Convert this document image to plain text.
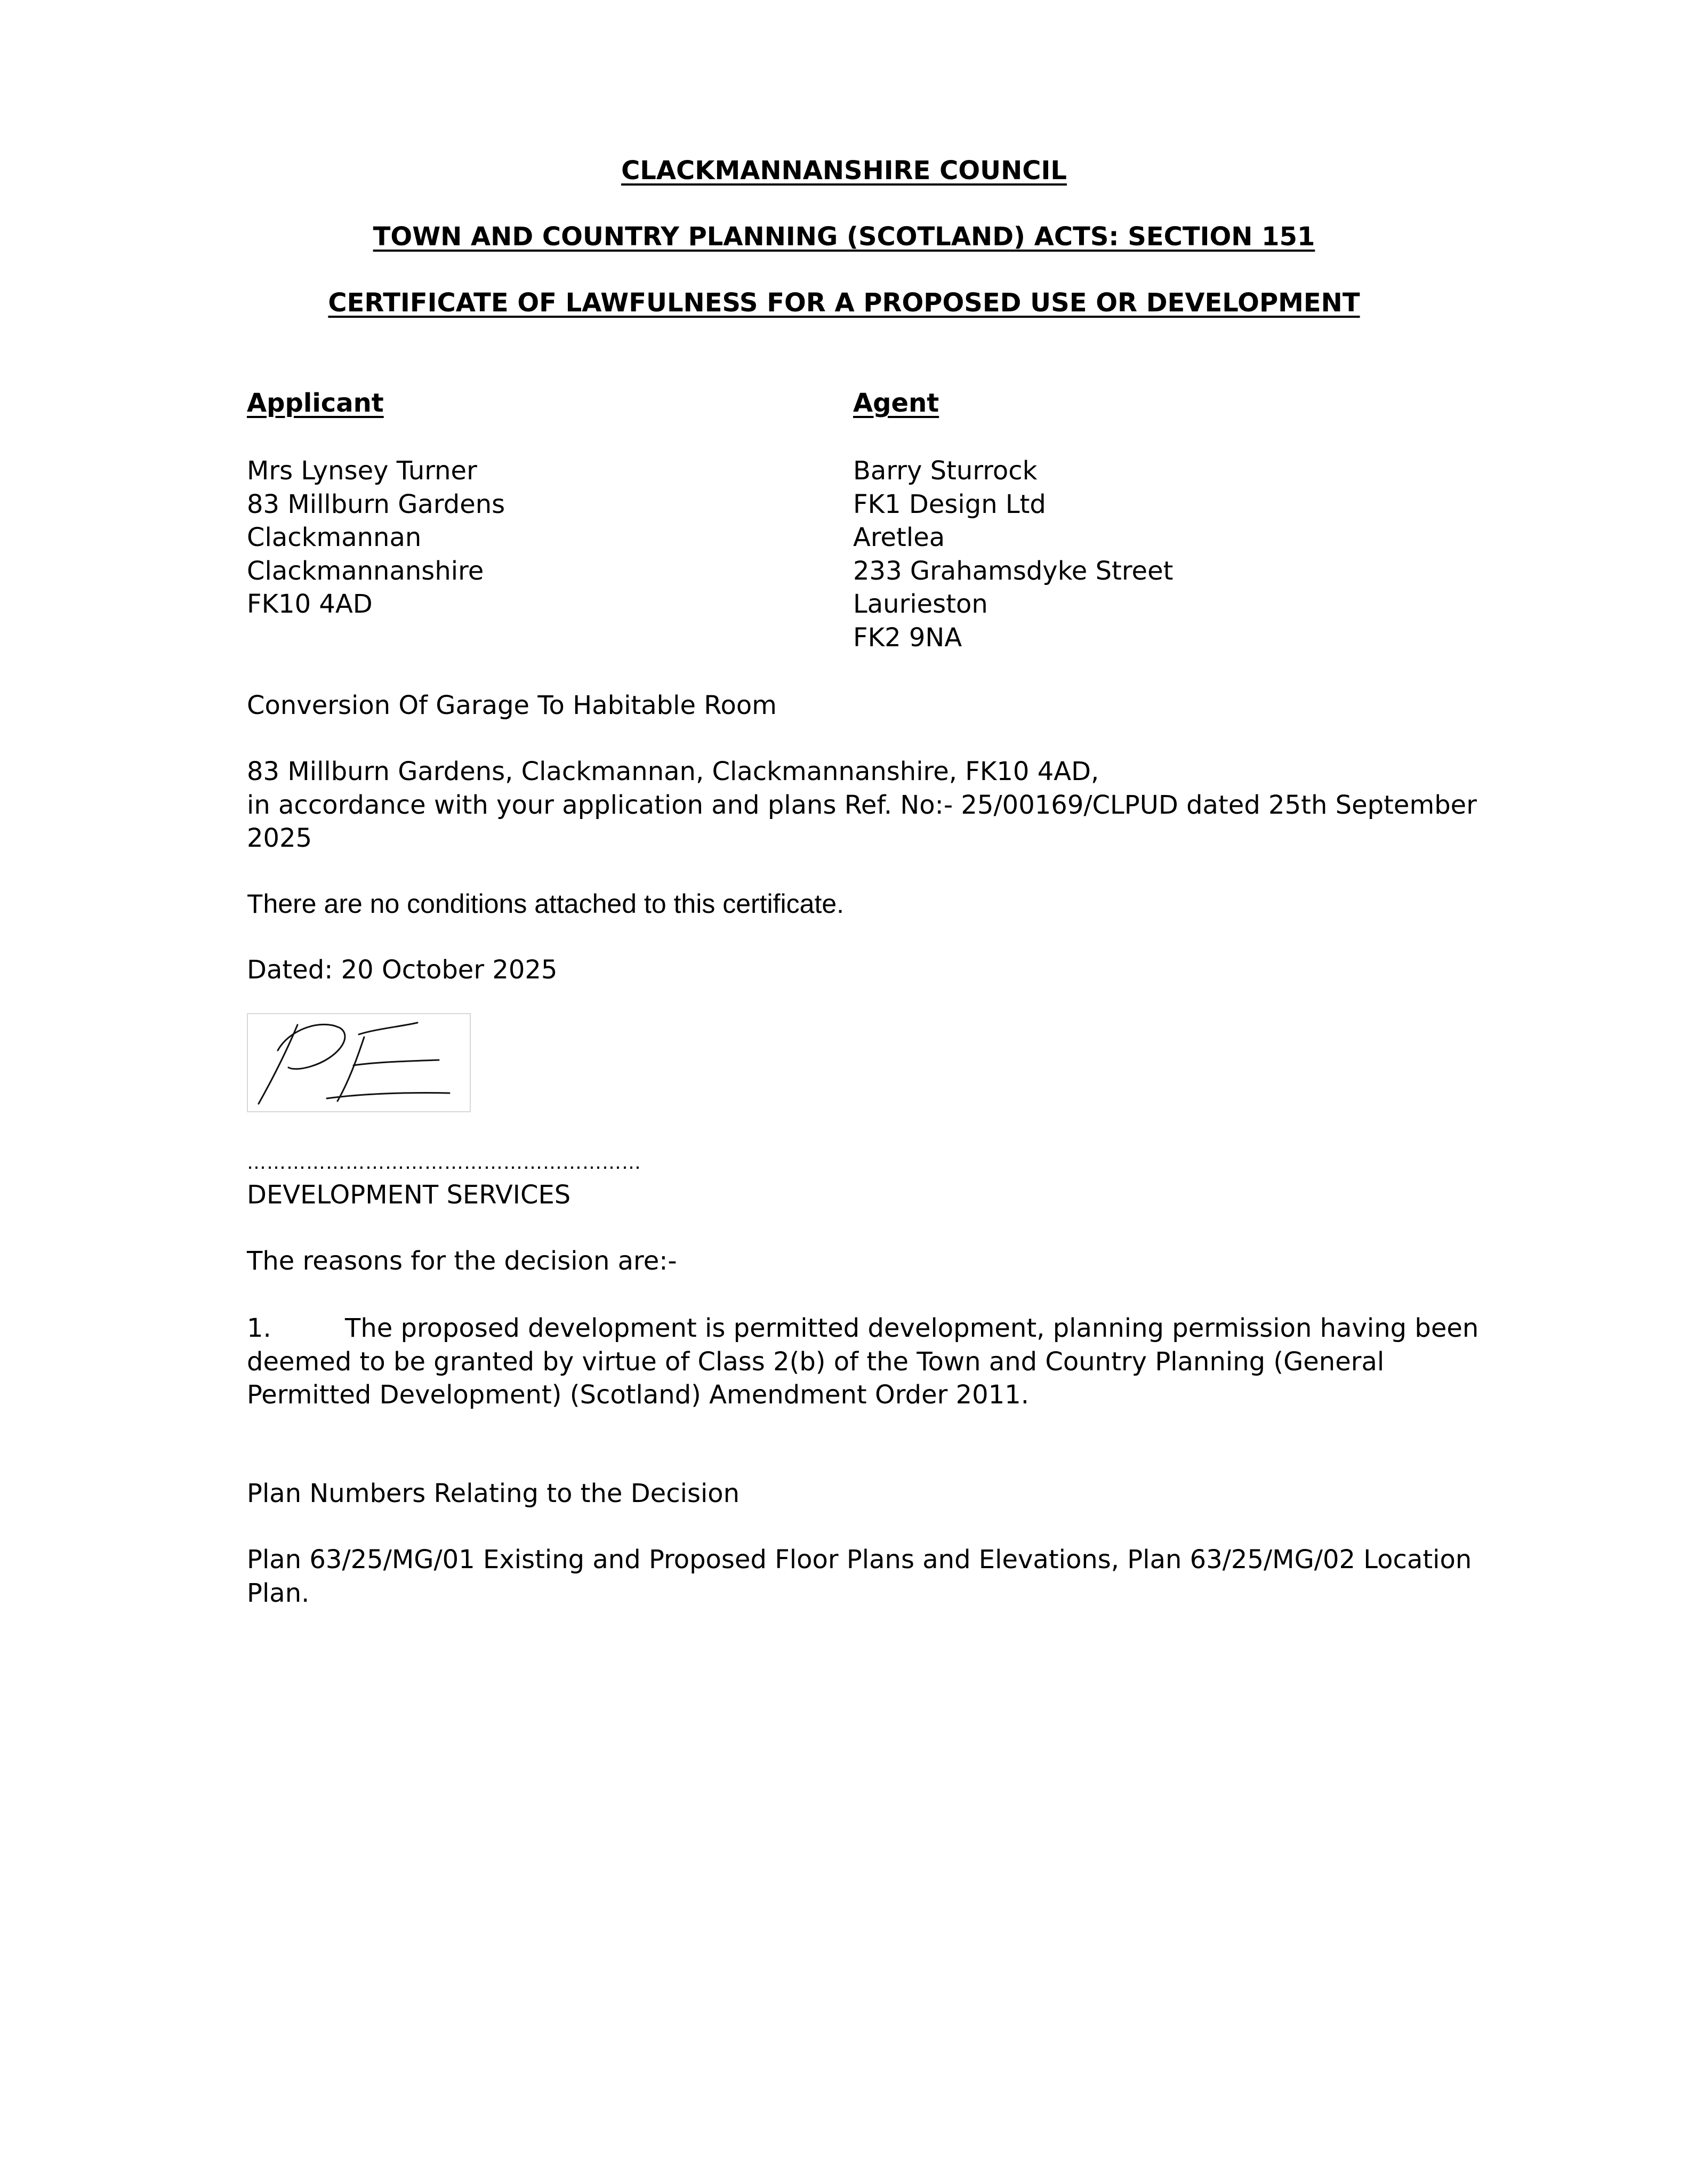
CLACKMANNANSHIRE COUNCIL
TOWN AND COUNTRY PLANNING (SCOTLAND) ACTS: SECTION 151
CERTIFICATE OF LAWFULNESS FOR A PROPOSED USE OR DEVELOPMENT
Applicant	Agent
Mrs Lynsey Turner
83 Millburn Gardens
Clackmannan
Clackmannanshire
FK10 4AD
Barry Sturrock
FK1 Design Ltd
Aretlea
233 Grahamsdyke Street
Laurieston
FK2 9NA
Conversion Of Garage To Habitable Room
83 Millburn Gardens, Clackmannan, Clackmannanshire, FK10 4AD,
in accordance with your application and plans Ref. No:- 25/00169/CLPUD dated 25th September
2025
There are no conditions attached to this certificate.
Dated: 20 October 2025
……………………………………………………
DEVELOPMENT SERVICES
The reasons for the decision are:-
1.	The proposed development is permitted development, planning permission having been
deemed to be granted by virtue of Class 2(b) of the Town and Country Planning (General
Permitted Development) (Scotland) Amendment Order 2011.
Plan Numbers Relating to the Decision
Plan 63/25/MG/01 Existing and Proposed Floor Plans and Elevations, Plan 63/25/MG/02 Location
Plan.
